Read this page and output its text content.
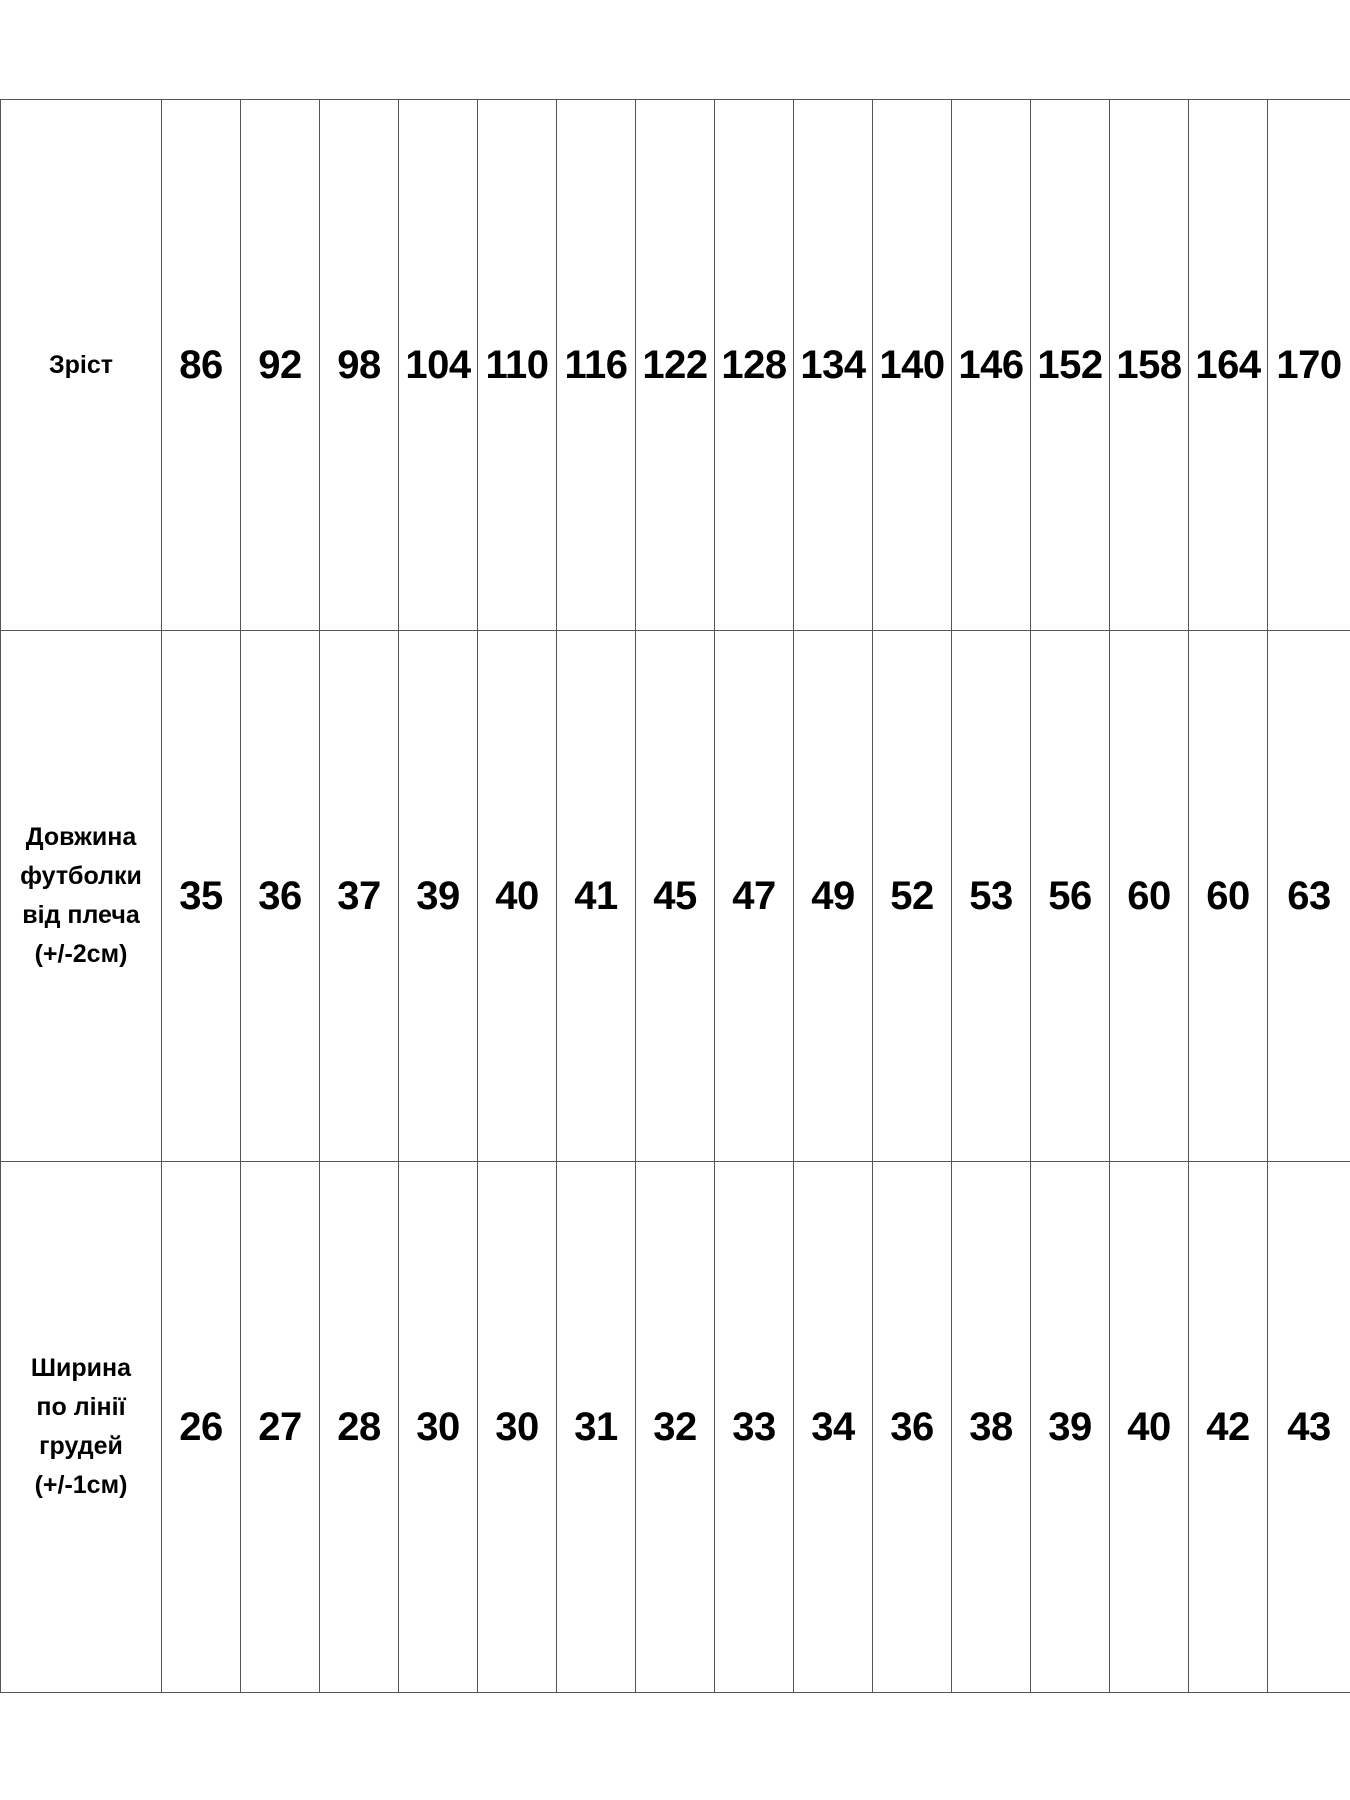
Зріст	86	92	98	104	110	116	122	128	134	140	146	152	158	164	170
Довжина
футболки
від плеча
(+/-2см)	35	36	37	39	40	41	45	47	49	52	53	56	60	60	63
Ширина
по лінії
грудей
(+/-1см)	26	27	28	30	30	31	32	33	34	36	38	39	40	42	43
